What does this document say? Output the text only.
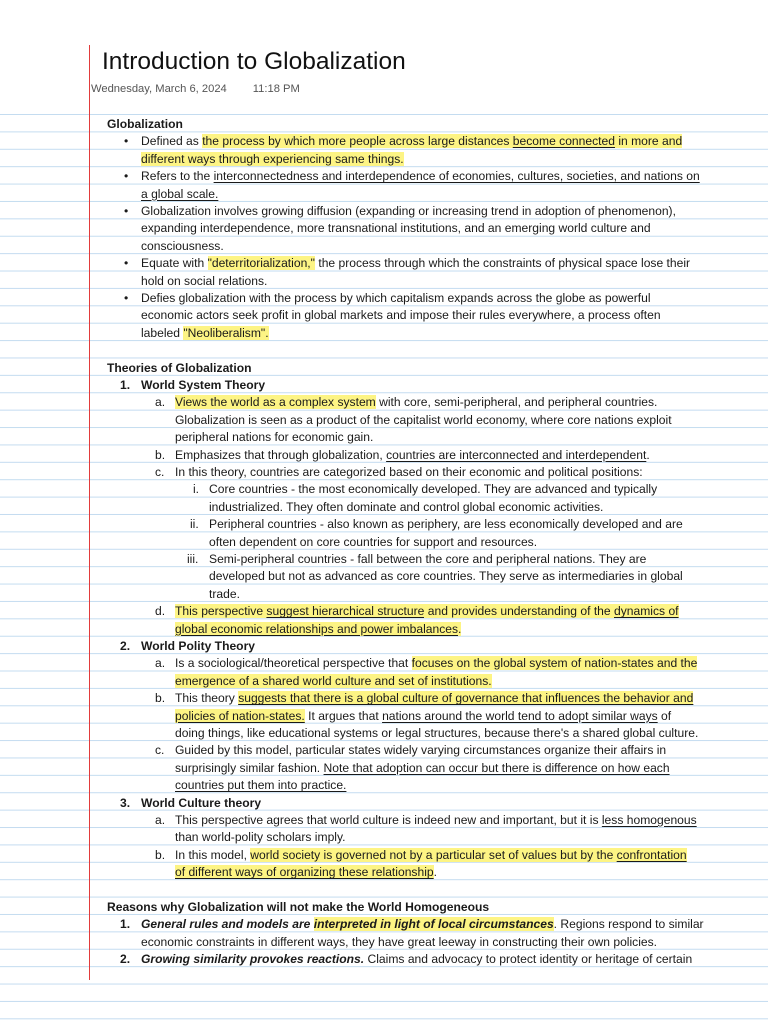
Introduction to Globalization
Wednesday, March 6, 2024 11:18 PM
Globalization
• Defined as the process by which more people across large distances become connected in more and
different ways through experiencing same things.
• Refers to the interconnectedness and interdependence of economies, cultures, societies, and nations on
a global scale.
• Globalization involves growing diffusion (expanding or increasing trend in adoption of phenomenon),
expanding interdependence, more transnational institutions, and an emerging world culture and
consciousness.
• Equate with "deterritorialization," the process through which the constraints of physical space lose their
hold on social relations.
• Defies globalization with the process by which capitalism expands across the globe as powerful
economic actors seek profit in global markets and impose their rules everywhere, a process often
labeled "Neoliberalism".
Theories of Globalization
1. World System Theory
a. Views the world as a complex system with core, semi-peripheral, and peripheral countries.
Globalization is seen as a product of the capitalist world economy, where core nations exploit
peripheral nations for economic gain.
b. Emphasizes that through globalization, countries are interconnected and interdependent.
c. In this theory, countries are categorized based on their economic and political positions:
i. Core countries - the most economically developed. They are advanced and typically
industrialized. They often dominate and control global economic activities.
ii. Peripheral countries - also known as periphery, are less economically developed and are
often dependent on core countries for support and resources.
iii. Semi-peripheral countries - fall between the core and peripheral nations. They are
developed but not as advanced as core countries. They serve as intermediaries in global
trade.
d. This perspective suggest hierarchical structure and provides understanding of the dynamics of
global economic relationships and power imbalances.
2. World Polity Theory
a. Is a sociological/theoretical perspective that focuses on the global system of nation-states and the
emergence of a shared world culture and set of institutions.
b. This theory suggests that there is a global culture of governance that influences the behavior and
policies of nation-states. It argues that nations around the world tend to adopt similar ways of
doing things, like educational systems or legal structures, because there's a shared global culture.
c. Guided by this model, particular states widely varying circumstances organize their affairs in
surprisingly similar fashion. Note that adoption can occur but there is difference on how each
countries put them into practice.
3. World Culture theory
a. This perspective agrees that world culture is indeed new and important, but it is less homogenous
than world-polity scholars imply.
b. In this model, world society is governed not by a particular set of values but by the confrontation
of different ways of organizing these relationship.
Reasons why Globalization will not make the World Homogeneous
1. General rules and models are interpreted in light of local circumstances. Regions respond to similar
economic constraints in different ways, they have great leeway in constructing their own policies.
2. Growing similarity provokes reactions. Claims and advocacy to protect identity or heritage of certain
